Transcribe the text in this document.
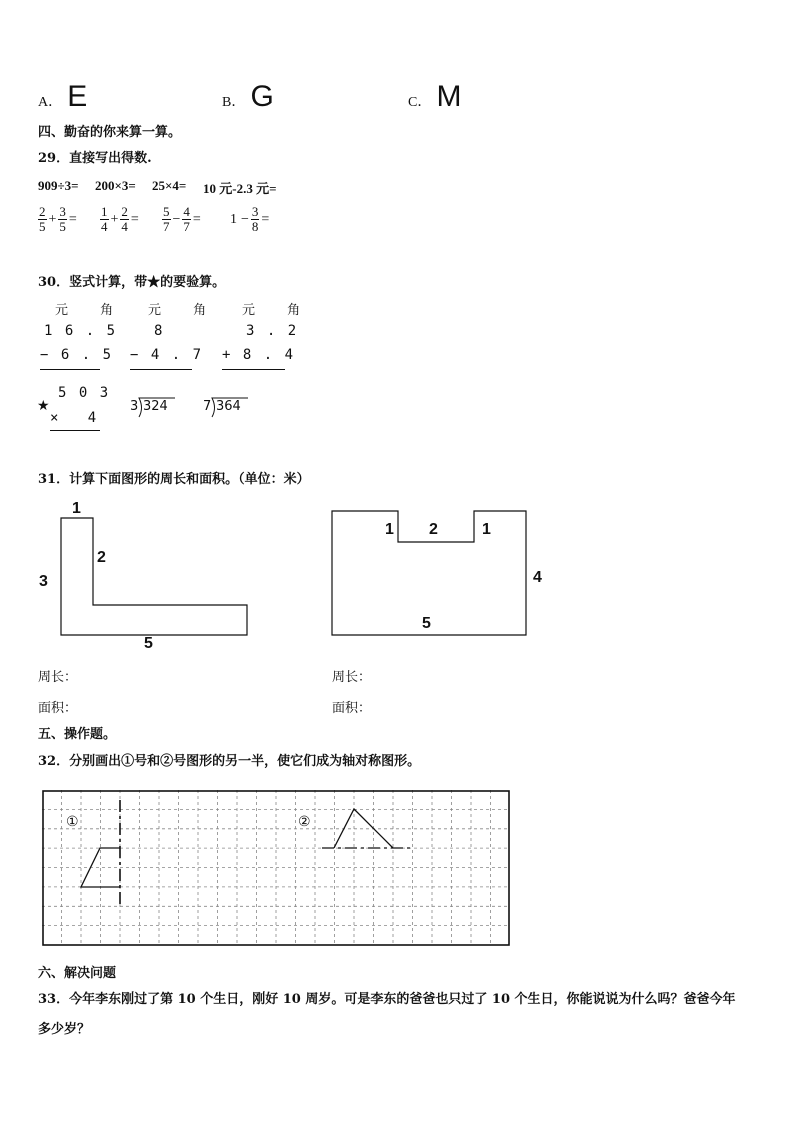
A． E	B． G	C． M
四、勤奋的你来算一算。
29．直接写出得数.
909÷3= 200×3= 25×4= 10 元-2.3 元=
$\frac{2}{5} + \frac{3}{5} = \frac{1}{4} + \frac{2}{4} = \frac{5}{7} - \frac{4}{7} = 1 - \frac{3}{8}$ =
30．竖式计算，带★的要验算。
元 角
1 6 . 5
− 6 . 5
元 角
8
− 4 . 7
元 角
3 . 2
+ 8 . 4
★
5 0 3
×   4
3 324	7 364
31．计算下面图形的周长和面积。（单位：米）
1
2
3
5
1 2	1
4
5
周长：	周长：
面积：	面积：
五、操作题。
32．分别画出①号和②号图形的另一半，使它们成为轴对称图形。
①	②
六、解决问题
33．今年李东刚过了第 10 个生日，刚好 10 周岁。可是李东的爸爸也只过了 10 个生日，你能说说为什么吗？爸爸今年
多少岁？
